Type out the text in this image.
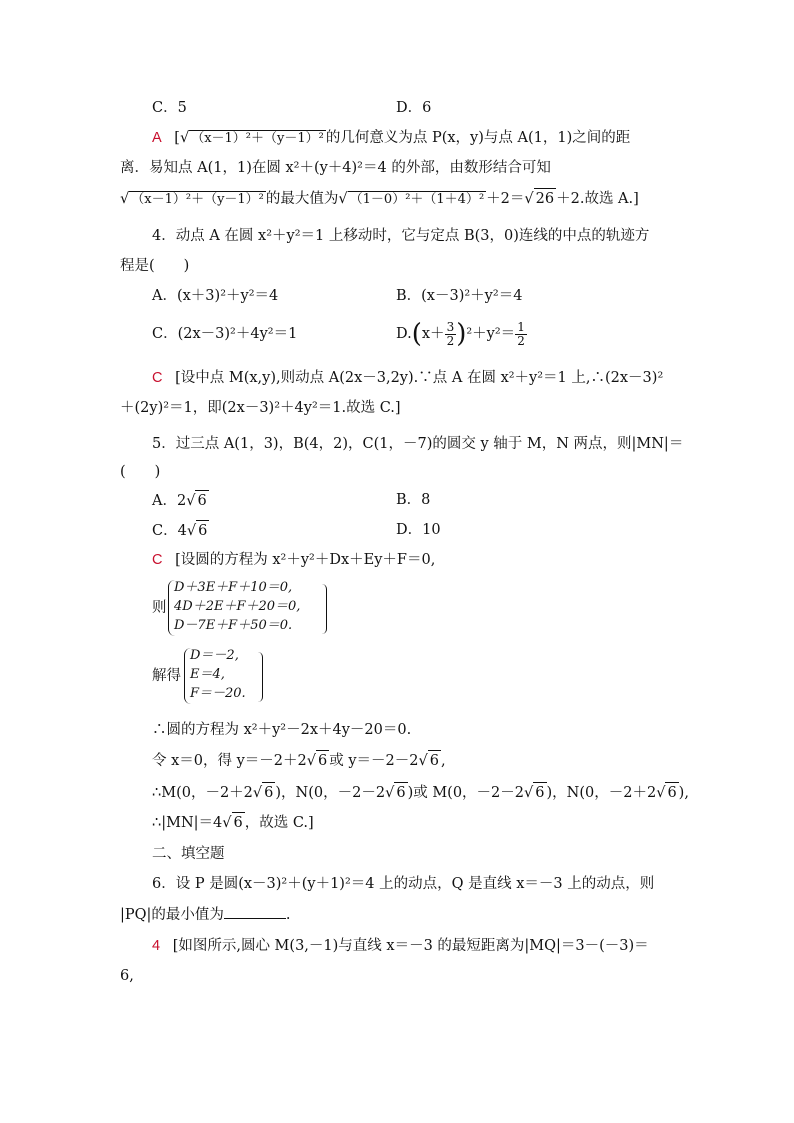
C．5	D．6
A [√ （x－1）²＋（y－1）² 的几何意义为点 P(x，y)与点 A(1，1)之间的距
离．易知点 A(1，1)在圆 x²＋(y＋4)²＝4 的外部，由数形结合可知
√ （x－1）²＋（y－1）² 的最大值为√ （1－0）²＋（1＋4）² ＋2＝√ 26 ＋2.故选 A.]
4．动点 A 在圆 x²＋y²＝1 上移动时，它与定点 B(3，0)连线的中点的轨迹方
程是(　　)
A．(x＋3)²＋y²＝4	B．(x－3)²＋y²＝4
C．(2x－3)²＋4y²＝1	$D.(x+ \frac{3}{2} )^2+y^2= \frac{1}{2}$
C [设中点 M(x,y),则动点 A(2x－3,2y).∵点 A 在圆 x²＋y²＝1 上,∴(2x－3)²
＋(2y)²＝1，即(2x－3)²＋4y²＝1.故选 C.]
5．过三点 A(1，3)，B(4，2)，C(1，－7)的圆交 y 轴于 M，N 两点，则|MN|＝
(　　)
A．2√ 6	B．8
C．4√ 6	D．10
C [设圆的方程为 x²＋y²＋Dx＋Ey＋F＝0,
则
D＋3E＋F＋10＝0,
4D＋2E＋F＋20＝0,
D－7E＋F＋50＝0.
解得
D＝－2,
E＝4,
F＝－20.
∴圆的方程为 x²＋y²－2x＋4y－20＝0.
令 x＝0，得 y＝－2＋2√ 6 或 y＝－2－2√ 6 ,
∴M(0，－2＋2√ 6 )，N(0，－2－2√ 6 )或 M(0，－2－2√ 6 )，N(0，－2＋2√ 6 ),
∴|MN|＝4√ 6 ，故选 C.]
二、填空题
6．设 P 是圆(x－3)²＋(y＋1)²＝4 上的动点，Q 是直线 x＝－3 上的动点，则
|PQ|的最小值为	.
4 [如图所示,圆心 M(3,－1)与直线 x＝－3 的最短距离为|MQ|＝3－(－3)＝
6,
